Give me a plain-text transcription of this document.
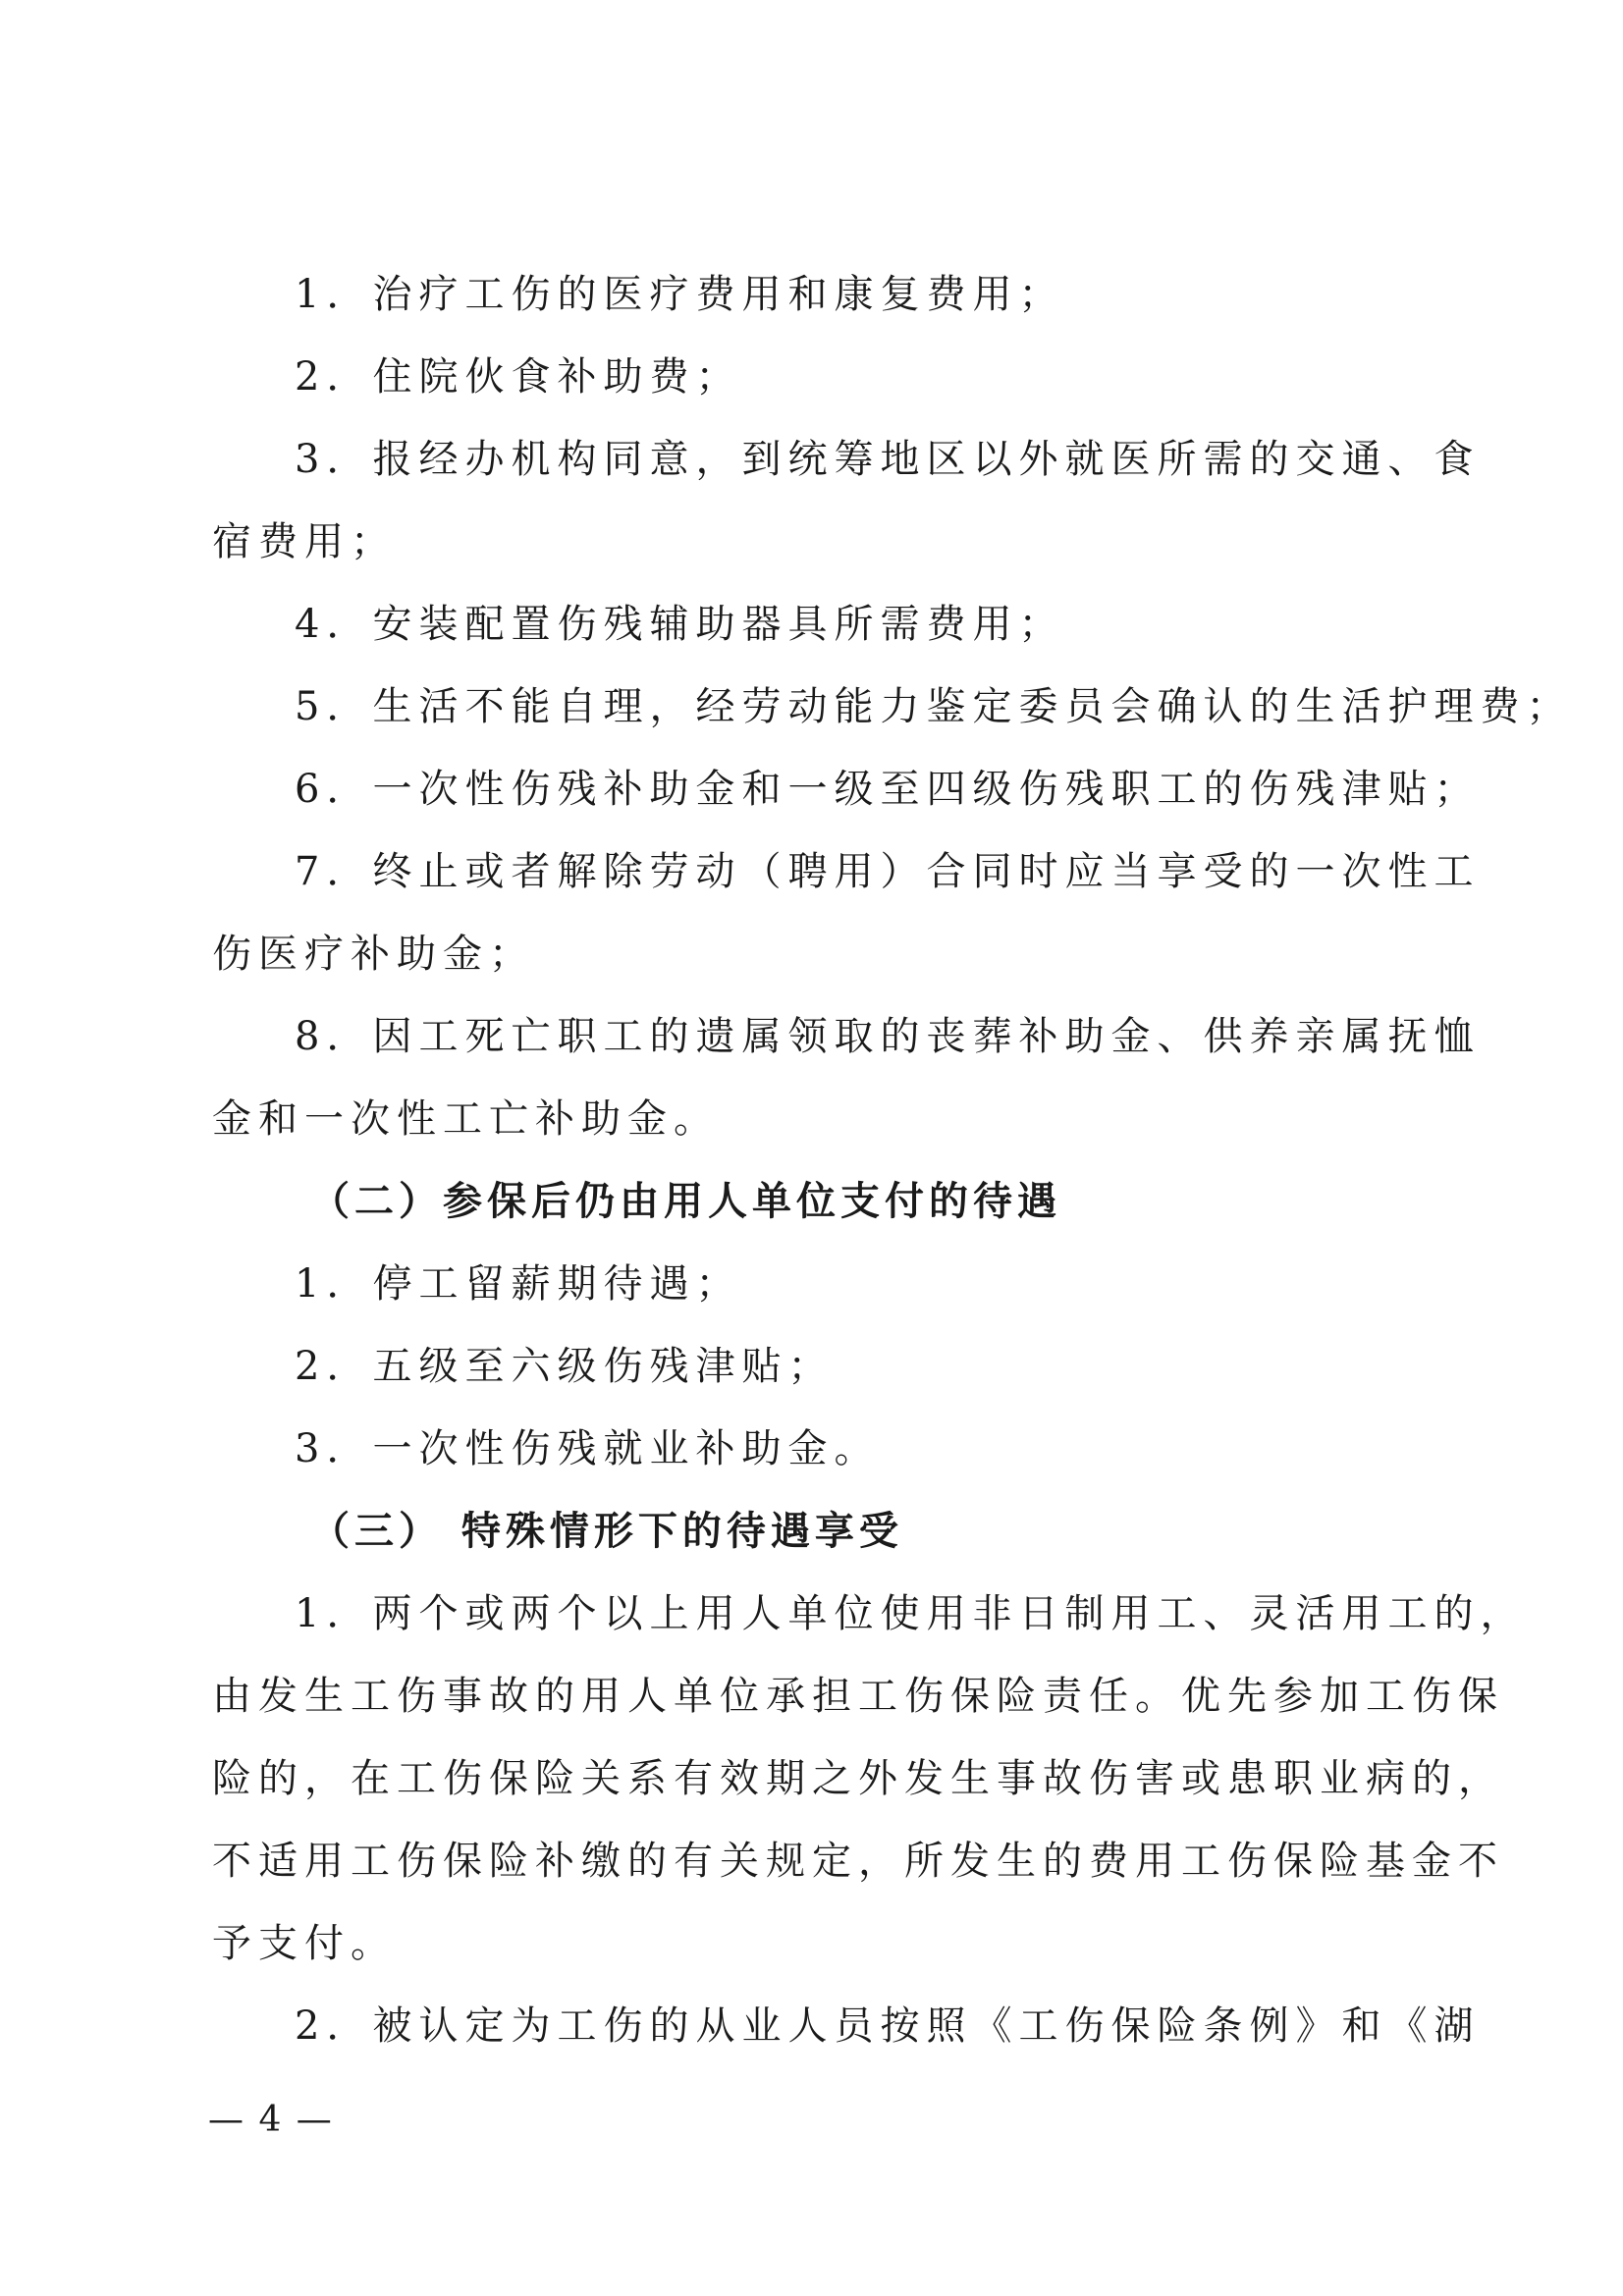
1．治疗工伤的医疗费用和康复费用；
2．住院伙食补助费；
3．报经办机构同意，到统筹地区以外就医所需的交通、食
宿费用；
4．安装配置伤残辅助器具所需费用；
5．生活不能自理，经劳动能力鉴定委员会确认的生活护理费；
6．一次性伤残补助金和一级至四级伤残职工的伤残津贴；
7．终止或者解除劳动（聘用）合同时应当享受的一次性工
伤医疗补助金；
8．因工死亡职工的遗属领取的丧葬补助金、供养亲属抚恤
金和一次性工亡补助金。
（二）参保后仍由用人单位支付的待遇
1．停工留薪期待遇；
2．五级至六级伤残津贴；
3．一次性伤残就业补助金。
（三） 特殊情形下的待遇享受
1．两个或两个以上用人单位使用非日制用工、灵活用工的，
由发生工伤事故的用人单位承担工伤保险责任。优先参加工伤保
险的，在工伤保险关系有效期之外发生事故伤害或患职业病的，
不适用工伤保险补缴的有关规定，所发生的费用工伤保险基金不
予支付。
2．被认定为工伤的从业人员按照《工伤保险条例》和《湖
— 4 —
